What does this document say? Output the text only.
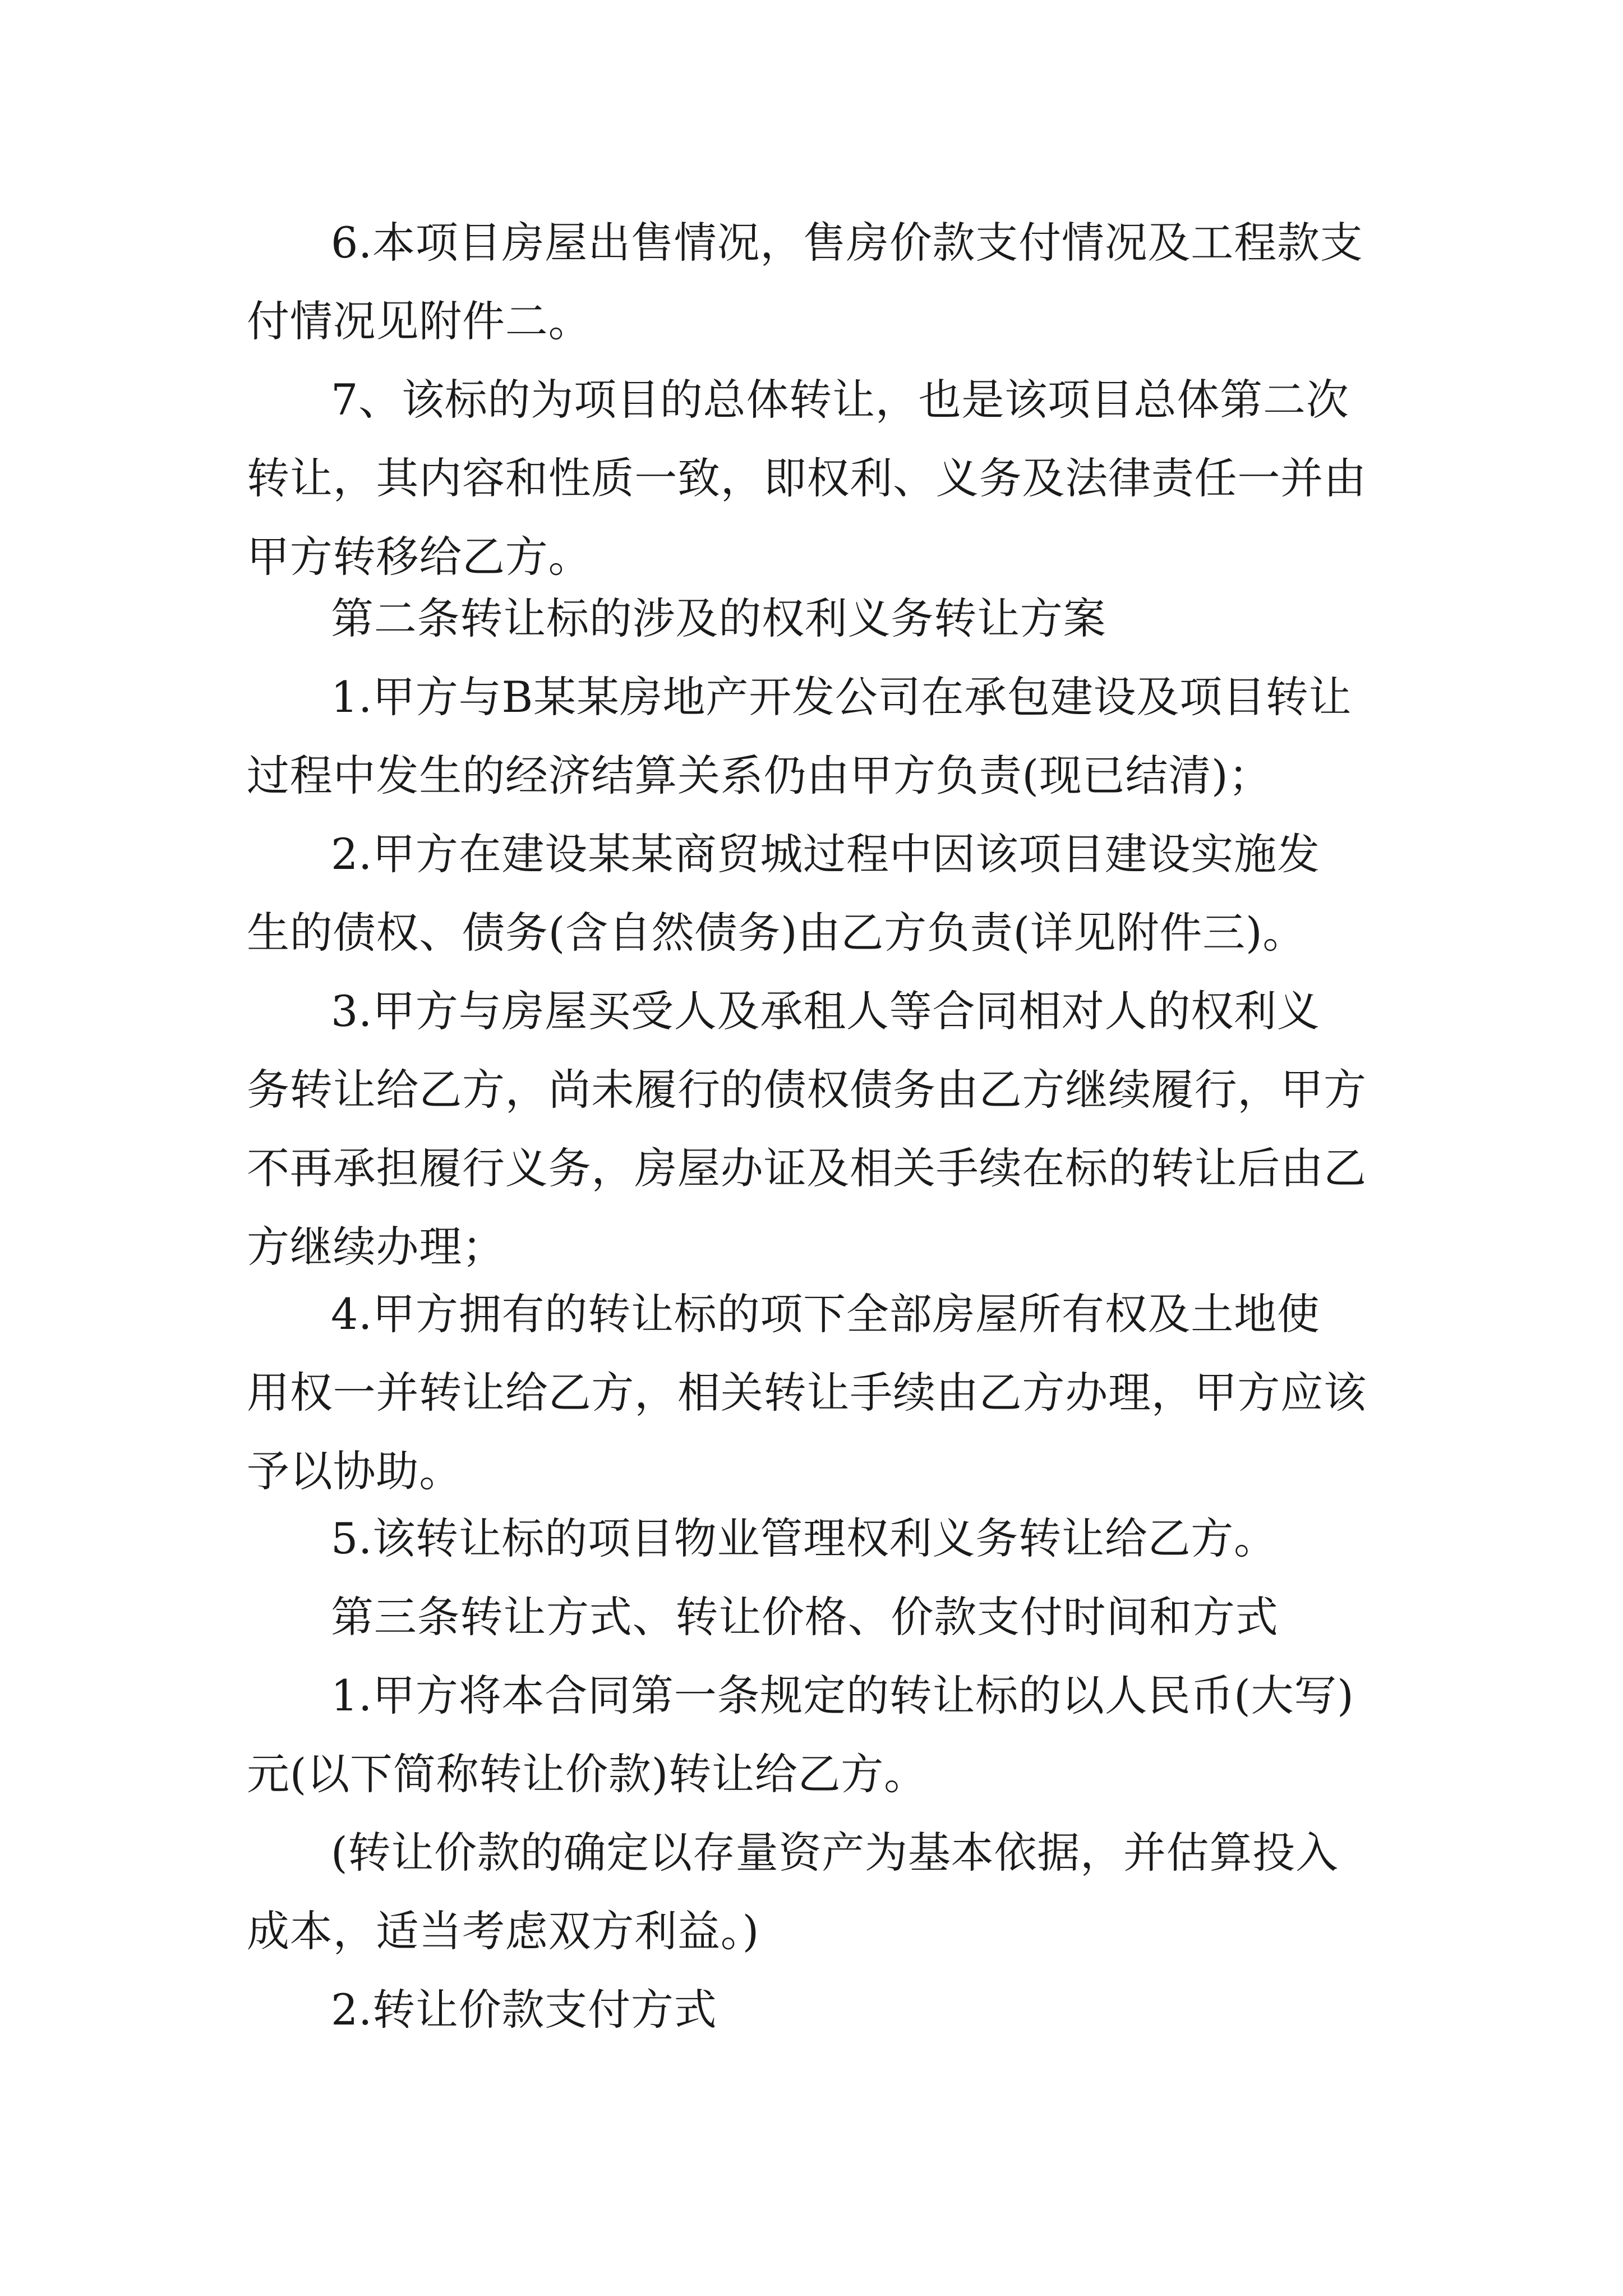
6.本项目房屋出售情况，售房价款支付情况及工程款支
付情况见附件二。
7、该标的为项目的总体转让，也是该项目总体第二次
转让，其内容和性质一致，即权利、义务及法律责任一并由
甲方转移给乙方。
第二条转让标的涉及的权利义务转让方案
1.甲方与B某某房地产开发公司在承包建设及项目转让
过程中发生的经济结算关系仍由甲方负责(现已结清)；
2.甲方在建设某某商贸城过程中因该项目建设实施发
生的债权、债务(含自然债务)由乙方负责(详见附件三)。
3.甲方与房屋买受人及承租人等合同相对人的权利义
务转让给乙方，尚未履行的债权债务由乙方继续履行，甲方
不再承担履行义务，房屋办证及相关手续在标的转让后由乙
方继续办理；
4.甲方拥有的转让标的项下全部房屋所有权及土地使
用权一并转让给乙方，相关转让手续由乙方办理，甲方应该
予以协助。
5.该转让标的项目物业管理权利义务转让给乙方。
第三条转让方式、转让价格、价款支付时间和方式
1.甲方将本合同第一条规定的转让标的以人民币(大写)
元(以下简称转让价款)转让给乙方。
(转让价款的确定以存量资产为基本依据，并估算投入
成本，适当考虑双方利益。)
2.转让价款支付方式
